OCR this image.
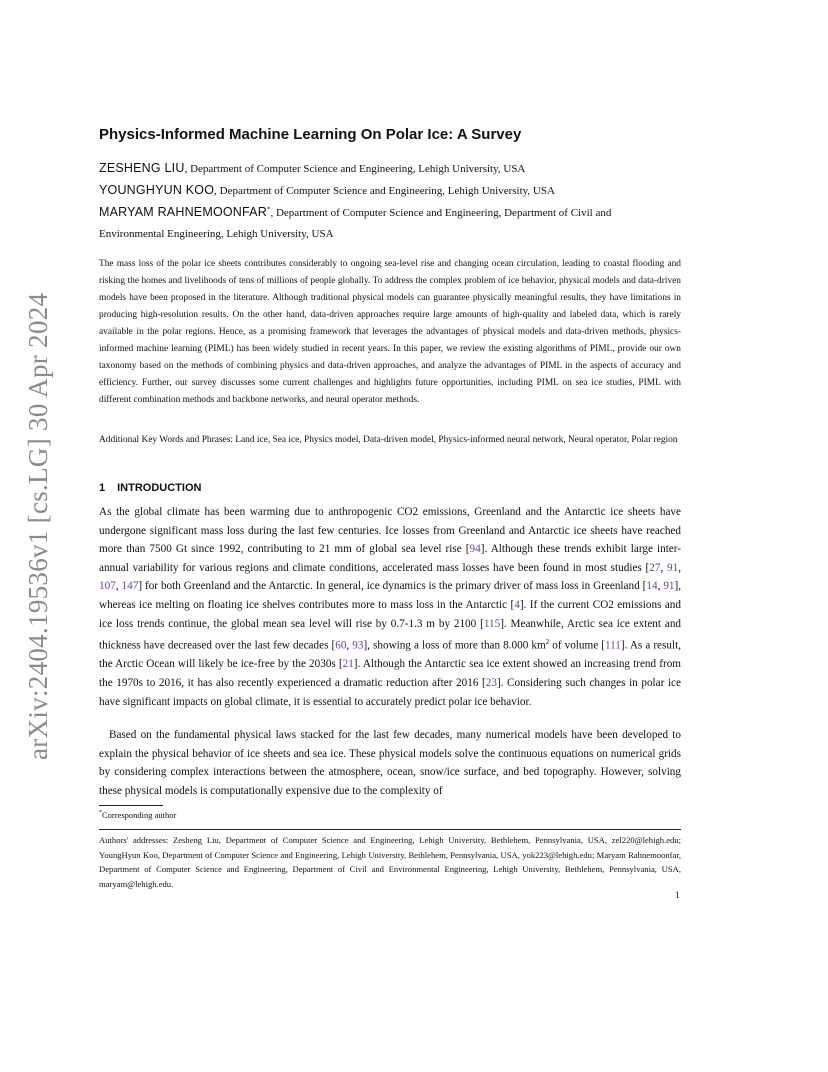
arXiv:2404.19536v1 [cs.LG] 30 Apr 2024
Physics-Informed Machine Learning On Polar Ice: A Survey
ZESHENG LIU, Department of Computer Science and Engineering, Lehigh University, USA
YOUNGHYUN KOO, Department of Computer Science and Engineering, Lehigh University, USA
MARYAM RAHNEMOONFAR*, Department of Computer Science and Engineering, Department of Civil and
Environmental Engineering, Lehigh University, USA

The mass loss of the polar ice sheets contributes considerably to ongoing sea-level rise and changing ocean circulation, leading to coastal flooding and risking the homes and livelihoods of tens of millions of people globally. To address the complex problem of ice behavior, physical models and data-driven models have been proposed in the literature. Although traditional physical models can guarantee physically meaningful results, they have limitations in producing high-resolution results. On the other hand, data-driven approaches require large amounts of high-quality and labeled data, which is rarely available in the polar regions. Hence, as a promising framework that leverages the advantages of physical models and data-driven methods, physics-informed machine learning (PIML) has been widely studied in recent years. In this paper, we review the existing algorithms of PIML, provide our own taxonomy based on the methods of combining physics and data-driven approaches, and analyze the advantages of PIML in the aspects of accuracy and efficiency. Further, our survey discusses some current challenges and highlights future opportunities, including PIML on sea ice studies, PIML with different combination methods and backbone networks, and neural operator methods.

Additional Key Words and Phrases: Land ice, Sea ice, Physics model, Data-driven model, Physics-informed neural network, Neural operator, Polar region

1 INTRODUCTION

As the global climate has been warming due to anthropogenic CO2 emissions, Greenland and the Antarctic ice sheets have undergone significant mass loss during the last few centuries. Ice losses from Greenland and Antarctic ice sheets have reached more than 7500 Gt since 1992, contributing to 21 mm of global sea level rise [94]. Although these trends exhibit large inter-annual variability for various regions and climate conditions, accelerated mass losses have been found in most studies [27, 91, 107, 147] for both Greenland and the Antarctic. In general, ice dynamics is the primary driver of mass loss in Greenland [14, 91], whereas ice melting on floating ice shelves contributes more to mass loss in the Antarctic [4]. If the current CO2 emissions and ice loss trends continue, the global mean sea level will rise by 0.7-1.3 m by 2100 [115]. Meanwhile, Arctic sea ice extent and thickness have decreased over the last few decades [60, 93], showing a loss of more than 8.000 $km^2$ of volume [111]. As a result, the Arctic Ocean will likely be ice-free by the 2030s [21]. Although the Antarctic sea ice extent showed an increasing trend from the 1970s to 2016, it has also recently experienced a dramatic reduction after 2016 [23]. Considering such changes in polar ice have significant impacts on global climate, it is essential to accurately predict polar ice behavior.

Based on the fundamental physical laws stacked for the last few decades, many numerical models have been developed to explain the physical behavior of ice sheets and sea ice. These physical models solve the continuous equations on numerical grids by considering complex interactions between the atmosphere, ocean, snow/ice surface, and bed topography. However, solving these physical models is computationally expensive due to the complexity of

*Corresponding author

Authors' addresses: Zesheng Liu, Department of Computer Science and Engineering, Lehigh University, Bethlehem, Pennsylvania, USA, zel220@lehigh.edu; YoungHyun Koo, Department of Computer Science and Engineering, Lehigh University, Bethlehem, Pennsylvania, USA, yok223@lehigh.edu; Maryam Rahnemoonfar, Department of Computer Science and Engineering, Department of Civil and Environmental Engineering, Lehigh University, Bethlehem, Pennsylvania, USA, maryam@lehigh.edu.

1
